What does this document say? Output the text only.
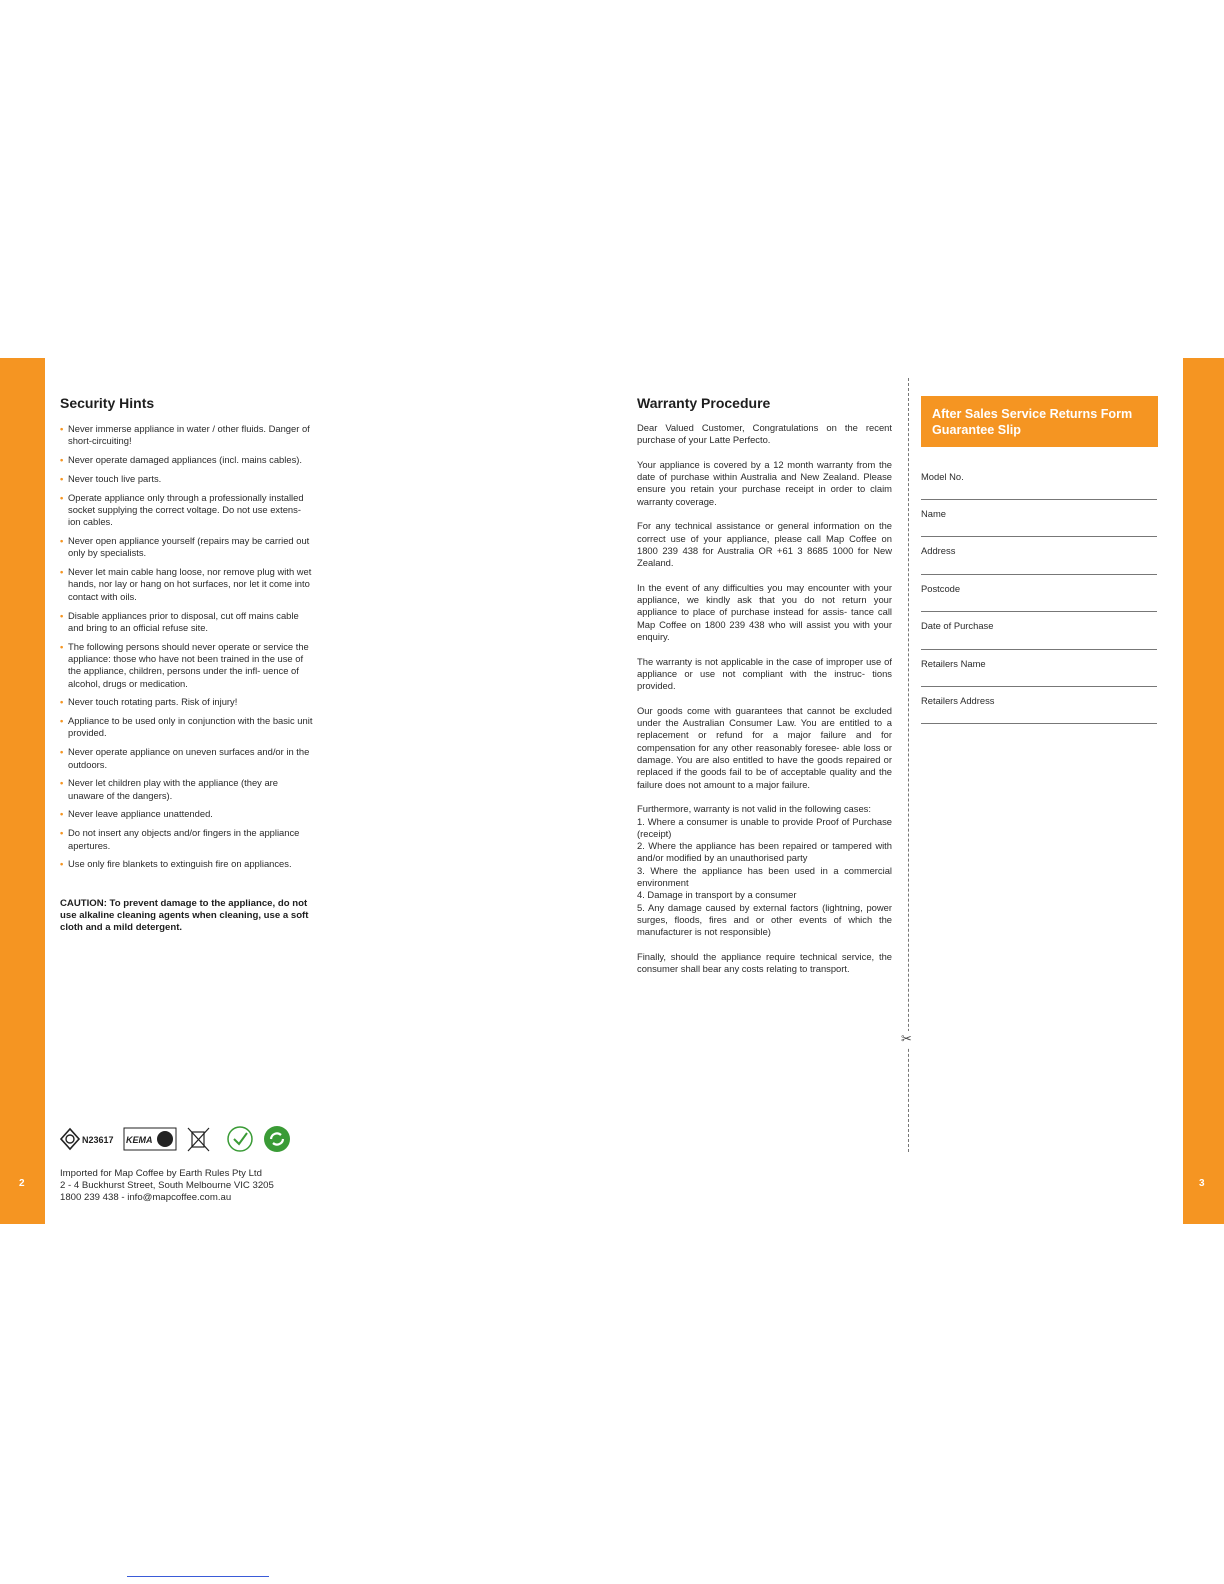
2	3
Security Hints
• Never immerse appliance in water / other fluids. Danger of short-circuiting!
• Never operate damaged appliances (incl. mains cables).
• Never touch live parts.
• Operate appliance only through a professionally installed socket supplying the correct voltage. Do not use extens- ion cables.
• Never open appliance yourself (repairs may be carried out only by specialists.
• Never let main cable hang loose, nor remove plug with wet hands, nor lay or hang on hot surfaces, nor let it come into contact with oils.
• Disable appliances prior to disposal, cut off mains cable and bring to an official refuse site.
• The following persons should never operate or service the appliance: those who have not been trained in the use of the appliance, children, persons under the infl- uence of alcohol, drugs or medication.
• Never touch rotating parts. Risk of injury!
• Appliance to be used only in conjunction with the basic unit provided.
• Never operate appliance on uneven surfaces and/or in the outdoors.
• Never let children play with the appliance (they are unaware of the dangers).
• Never leave appliance unattended.
• Do not insert any objects and/or fingers in the appliance apertures.
• Use only fire blankets to extinguish fire on appliances.
CAUTION: To prevent damage to the appliance, do not use alkaline cleaning agents when cleaning, use a soft cloth and a mild detergent.
N23617 KEMA
Imported for Map Coffee by Earth Rules Pty Ltd
2 - 4 Buckhurst Street, South Melbourne VIC 3205
1800 239 438 - info@mapcoffee.com.au
Warranty Procedure

Dear Valued Customer, Congratulations on the recent purchase of your Latte Perfecto.

Your appliance is covered by a 12 month warranty from the date of purchase within Australia and New Zealand. Please ensure you retain your purchase receipt in order to claim warranty coverage.

For any technical assistance or general information on the correct use of your appliance, please call Map Coffee on 1800 239 438 for Australia OR +61 3 8685 1000 for New Zealand.

In the event of any difficulties you may encounter with your appliance, we kindly ask that you do not return your appliance to place of purchase instead for assis- tance call Map Coffee on 1800 239 438 who will assist you with your enquiry.

The warranty is not applicable in the case of improper use of appliance or use not compliant with the instruc- tions provided.

Our goods come with guarantees that cannot be excluded under the Australian Consumer Law. You are entitled to a replacement or refund for a major failure and for compensation for any other reasonably foresee- able loss or damage. You are also entitled to have the goods repaired or replaced if the goods fail to be of acceptable quality and the failure does not amount to a major failure.

Furthermore, warranty is not valid in the following cases:
1. Where a consumer is unable to provide Proof of Purchase (receipt)
2. Where the appliance has been repaired or tampered with and/or modified by an unauthorised party
3. Where the appliance has been used in a commercial environment
4. Damage in transport by a consumer
5. Any damage caused by external factors (lightning, power surges, floods, fires and or other events of which the manufacturer is not responsible)

Finally, should the appliance require technical service, the consumer shall bear any costs relating to transport.

✂
After Sales Service Returns Form
Guarantee Slip
Model No.
Name
Address
Postcode
Date of Purchase
Retailers Name
Retailers Address
